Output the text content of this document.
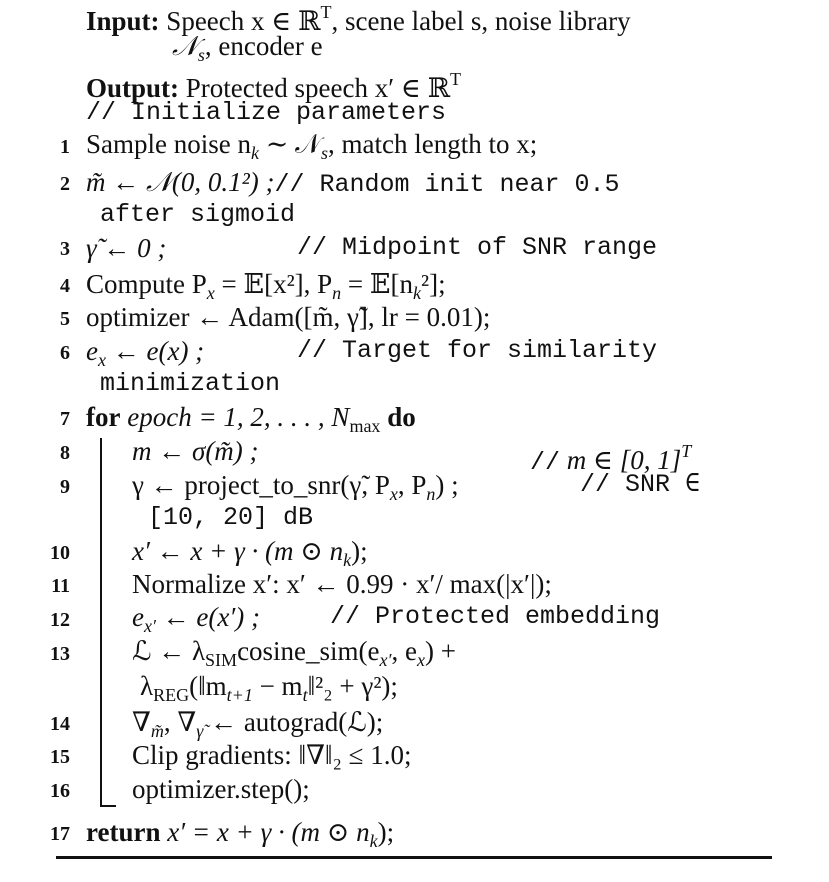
Input: Speech x ∈ ℝ$^T$, scene label s, noise library
𝒩$_s$, encoder e
Output: Protected speech x′ ∈ ℝ$^T$
// Initialize parameters
1 Sample noise $n_k$ ∼ 𝒩$_s$, match length to x;
2 m̃ ← 𝒩(0, 0.1²) ;// Random init near 0.5
after sigmoid
3 γ̃ ← 0 ;	// Midpoint of SNR range
4 Compute $P_x$ = 𝔼[x²], $P_n$ = $𝔼[n_k^2]$;
5 optimizer ← Adam([m̃, γ̃], lr = 0.01);
6 $e_x$ ← e(x) ;	// Target for similarity
minimization
7 for epoch = 1, 2, . . . , $N_{max}$ do
8 m ← σ(m̃) ;	// m ∈ [0, 1]$^T$
9 γ ← project_to_snr(γ̃, $P_x$, $P_n$) ;	// SNR ∈
[10, 20] dB
10 x′ ← x + γ · (m ⊙ $n_k$);
11 Normalize x′: x′ ← 0.99 · x′/ max(|x′|);
12 $e_{x'}$ ← e(x′) ;	// Protected embedding
13 ℒ ← $\lambda_{SIM}cosine\_sim(e_{x'}$, $e_x$) +
$\lambda_{REG}(‖m_{t+1}$ − $m_t‖^2_2 + \gamma^2$);
14 $\nabla_{m̃}$, $\nabla_{\gammã}$ ← autograd(ℒ);
15 Clip gradients: ‖∇‖₂ ≤ 1.0;
16 optimizer.step();
17 return x′ = x + γ · (m ⊙ $n_k$);
